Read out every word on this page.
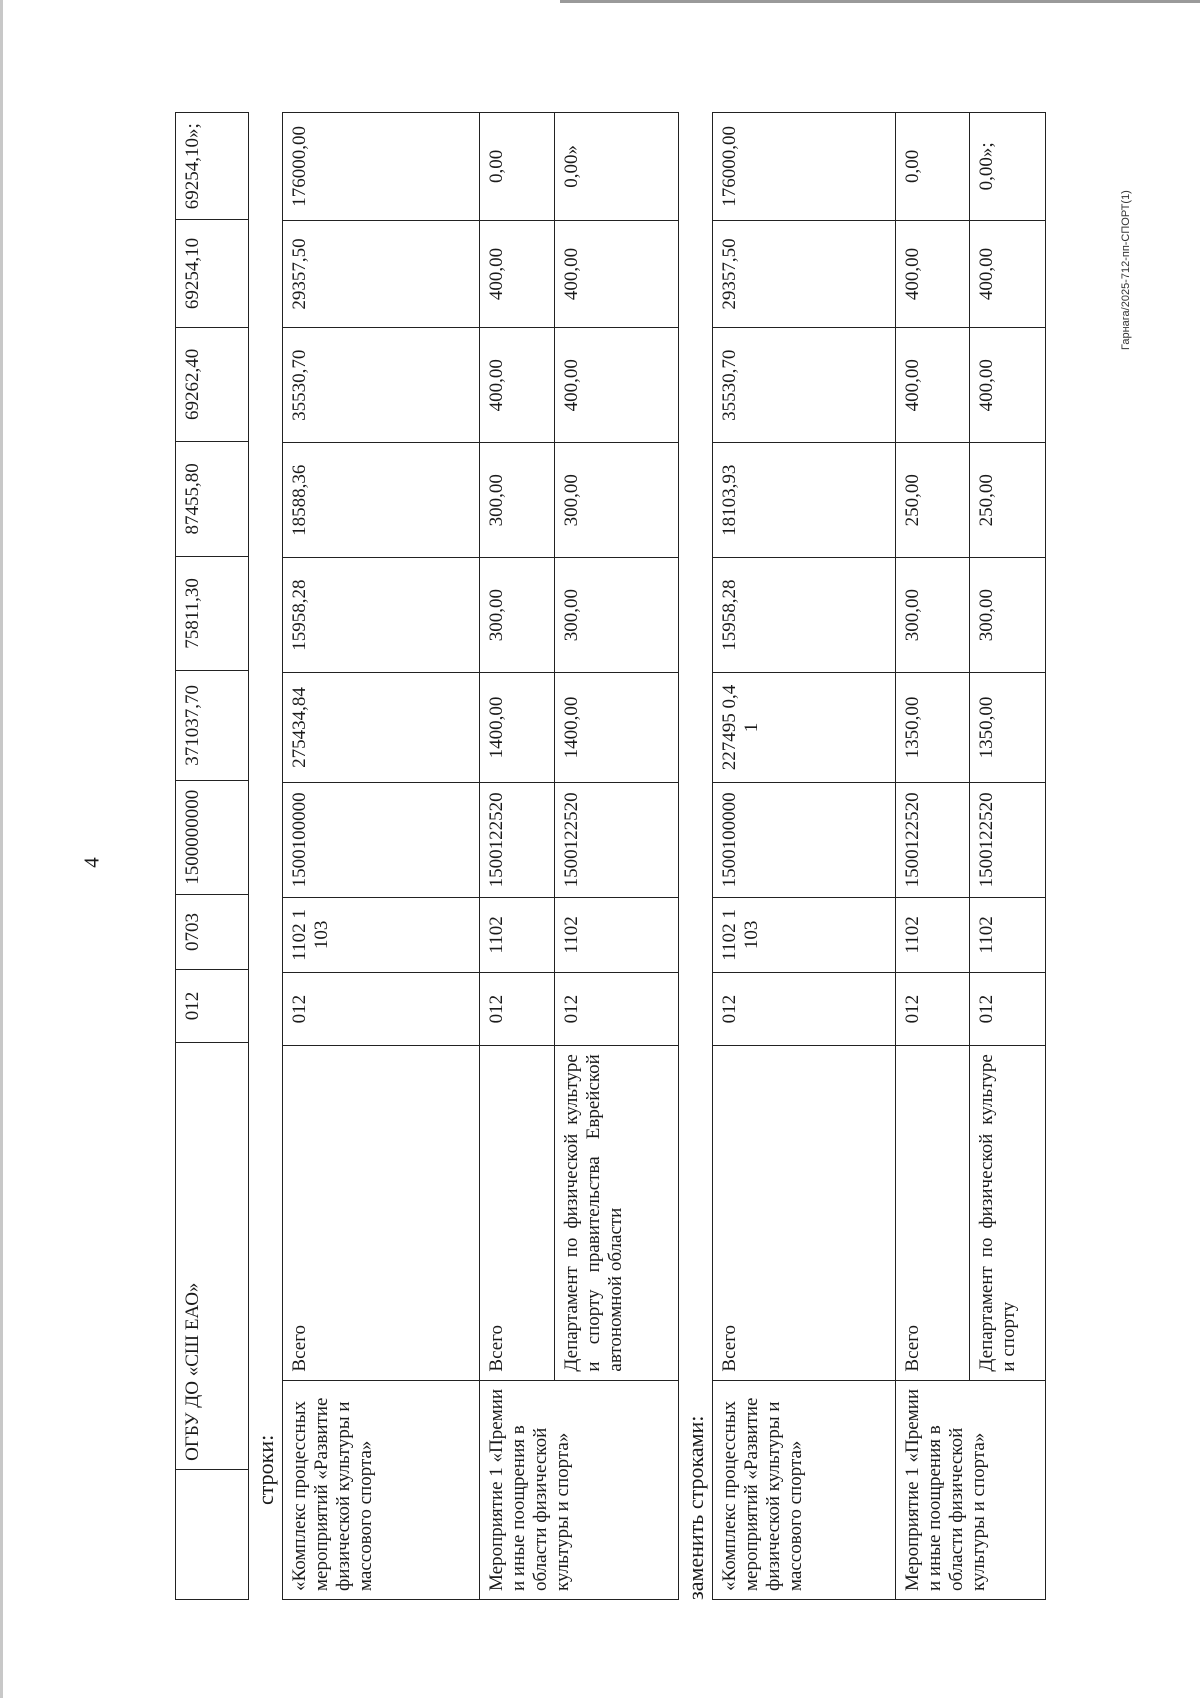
4
Гарнага/2025-712-пп-СПОРТ(1)
	ОГБУ ДО «СШ ЕАО»	012	0703	1500000000	371037,70	75811,30	87455,80	69262,40	69254,10	69254,10»;
строки: «Комплекс процессных мероприятий «Развитие физической культуры и массового спорта»	Всего	012	1102 1103	1500100000	275434,84	15958,28	18588,36	35530,70	29357,50	176000,00
Мероприятие 1 «Премии и иные поощрения в области физической культуры и спорта»	Всего	012	1102	1500122520	1400,00	300,00	300,00	400,00	400,00	0,00
	Департамент по физической культуре и спорту правительства Еврейской автономной области	012	1102	1500122520	1400,00	300,00	300,00	400,00	400,00	0,00»
заменить строками: «Комплекс процессных мероприятий «Развитие физической культуры и массового спорта»	Всего	012	1102 1103	1500100000	227495 0,41	15958,28	18103,93	35530,70	29357,50	176000,00
Мероприятие 1 «Премии и иные поощрения в области физической культуры и спорта»	Всего	012	1102	1500122520	1350,00	300,00	250,00	400,00	400,00	0,00
	Департамент по физической культуре и спорту	012	1102	1500122520	1350,00	300,00	250,00	400,00	400,00	0,00»;
